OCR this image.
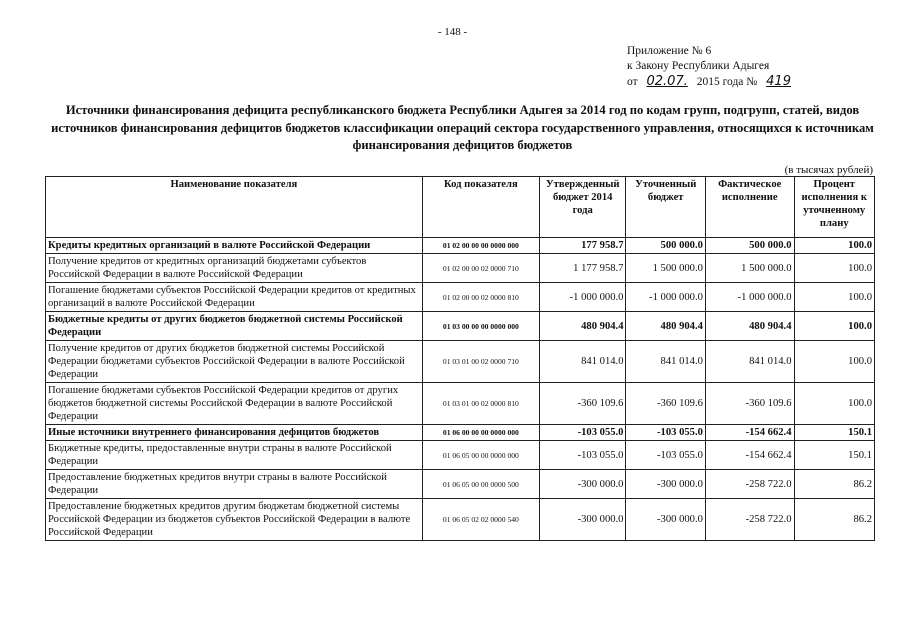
- 148 -
Приложение № 6
к Закону Республики Адыгея
от 02.07. 2015 года № 419
Источники финансирования дефицита республиканского бюджета Республики Адыгея за 2014 год по кодам групп, подгрупп, статей, видов источников финансирования дефицитов бюджетов классификации операций сектора государственного управления, относящихся к источникам финансирования дефицитов бюджетов
(в тысячах рублей)
Наименование показателя	Код показателя	Утвержденный бюджет 2014 года	Уточненный бюджет	Фактическое исполнение	Процент исполнения к уточненному плану
Кредиты кредитных организаций в валюте Российской Федерации	01 02 00 00 00 0000 000	177 958.7	500 000.0	500 000.0	100.0
Получение кредитов от кредитных организаций бюджетами субъектов Российской Федерации в валюте Российской Федерации	01 02 00 00 02 0000 710	1 177 958.7	1 500 000.0	1 500 000.0	100.0
Погашение бюджетами субъектов Российской Федерации кредитов от кредитных организаций в валюте Российской Федерации	01 02 00 00 02 0000 810	-1 000 000.0	-1 000 000.0	-1 000 000.0	100.0
Бюджетные кредиты от других бюджетов бюджетной системы Российской Федерации	01 03 00 00 00 0000 000	480 904.4	480 904.4	480 904.4	100.0
Получение кредитов от других бюджетов бюджетной системы Российской Федерации бюджетами субъектов Российской Федерации в валюте Российской Федерации	01 03 01 00 02 0000 710	841 014.0	841 014.0	841 014.0	100.0
Погашение бюджетами субъектов Российской Федерации кредитов от других бюджетов бюджетной системы Российской Федерации в валюте Российской Федерации	01 03 01 00 02 0000 810	-360 109.6	-360 109.6	-360 109.6	100.0
Иные источники внутреннего финансирования дефицитов бюджетов	01 06 00 00 00 0000 000	-103 055.0	-103 055.0	-154 662.4	150.1
Бюджетные кредиты, предоставленные внутри страны в валюте Российской Федерации	01 06 05 00 00 0000 000	-103 055.0	-103 055.0	-154 662.4	150.1
Предоставление бюджетных кредитов внутри страны в валюте Российской Федерации	01 06 05 00 00 0000 500	-300 000.0	-300 000.0	-258 722.0	86.2
Предоставление бюджетных кредитов другим бюджетам бюджетной системы Российской Федерации из бюджетов субъектов Российской Федерации в валюте Российской Федерации	01 06 05 02 02 0000 540	-300 000.0	-300 000.0	-258 722.0	86.2
